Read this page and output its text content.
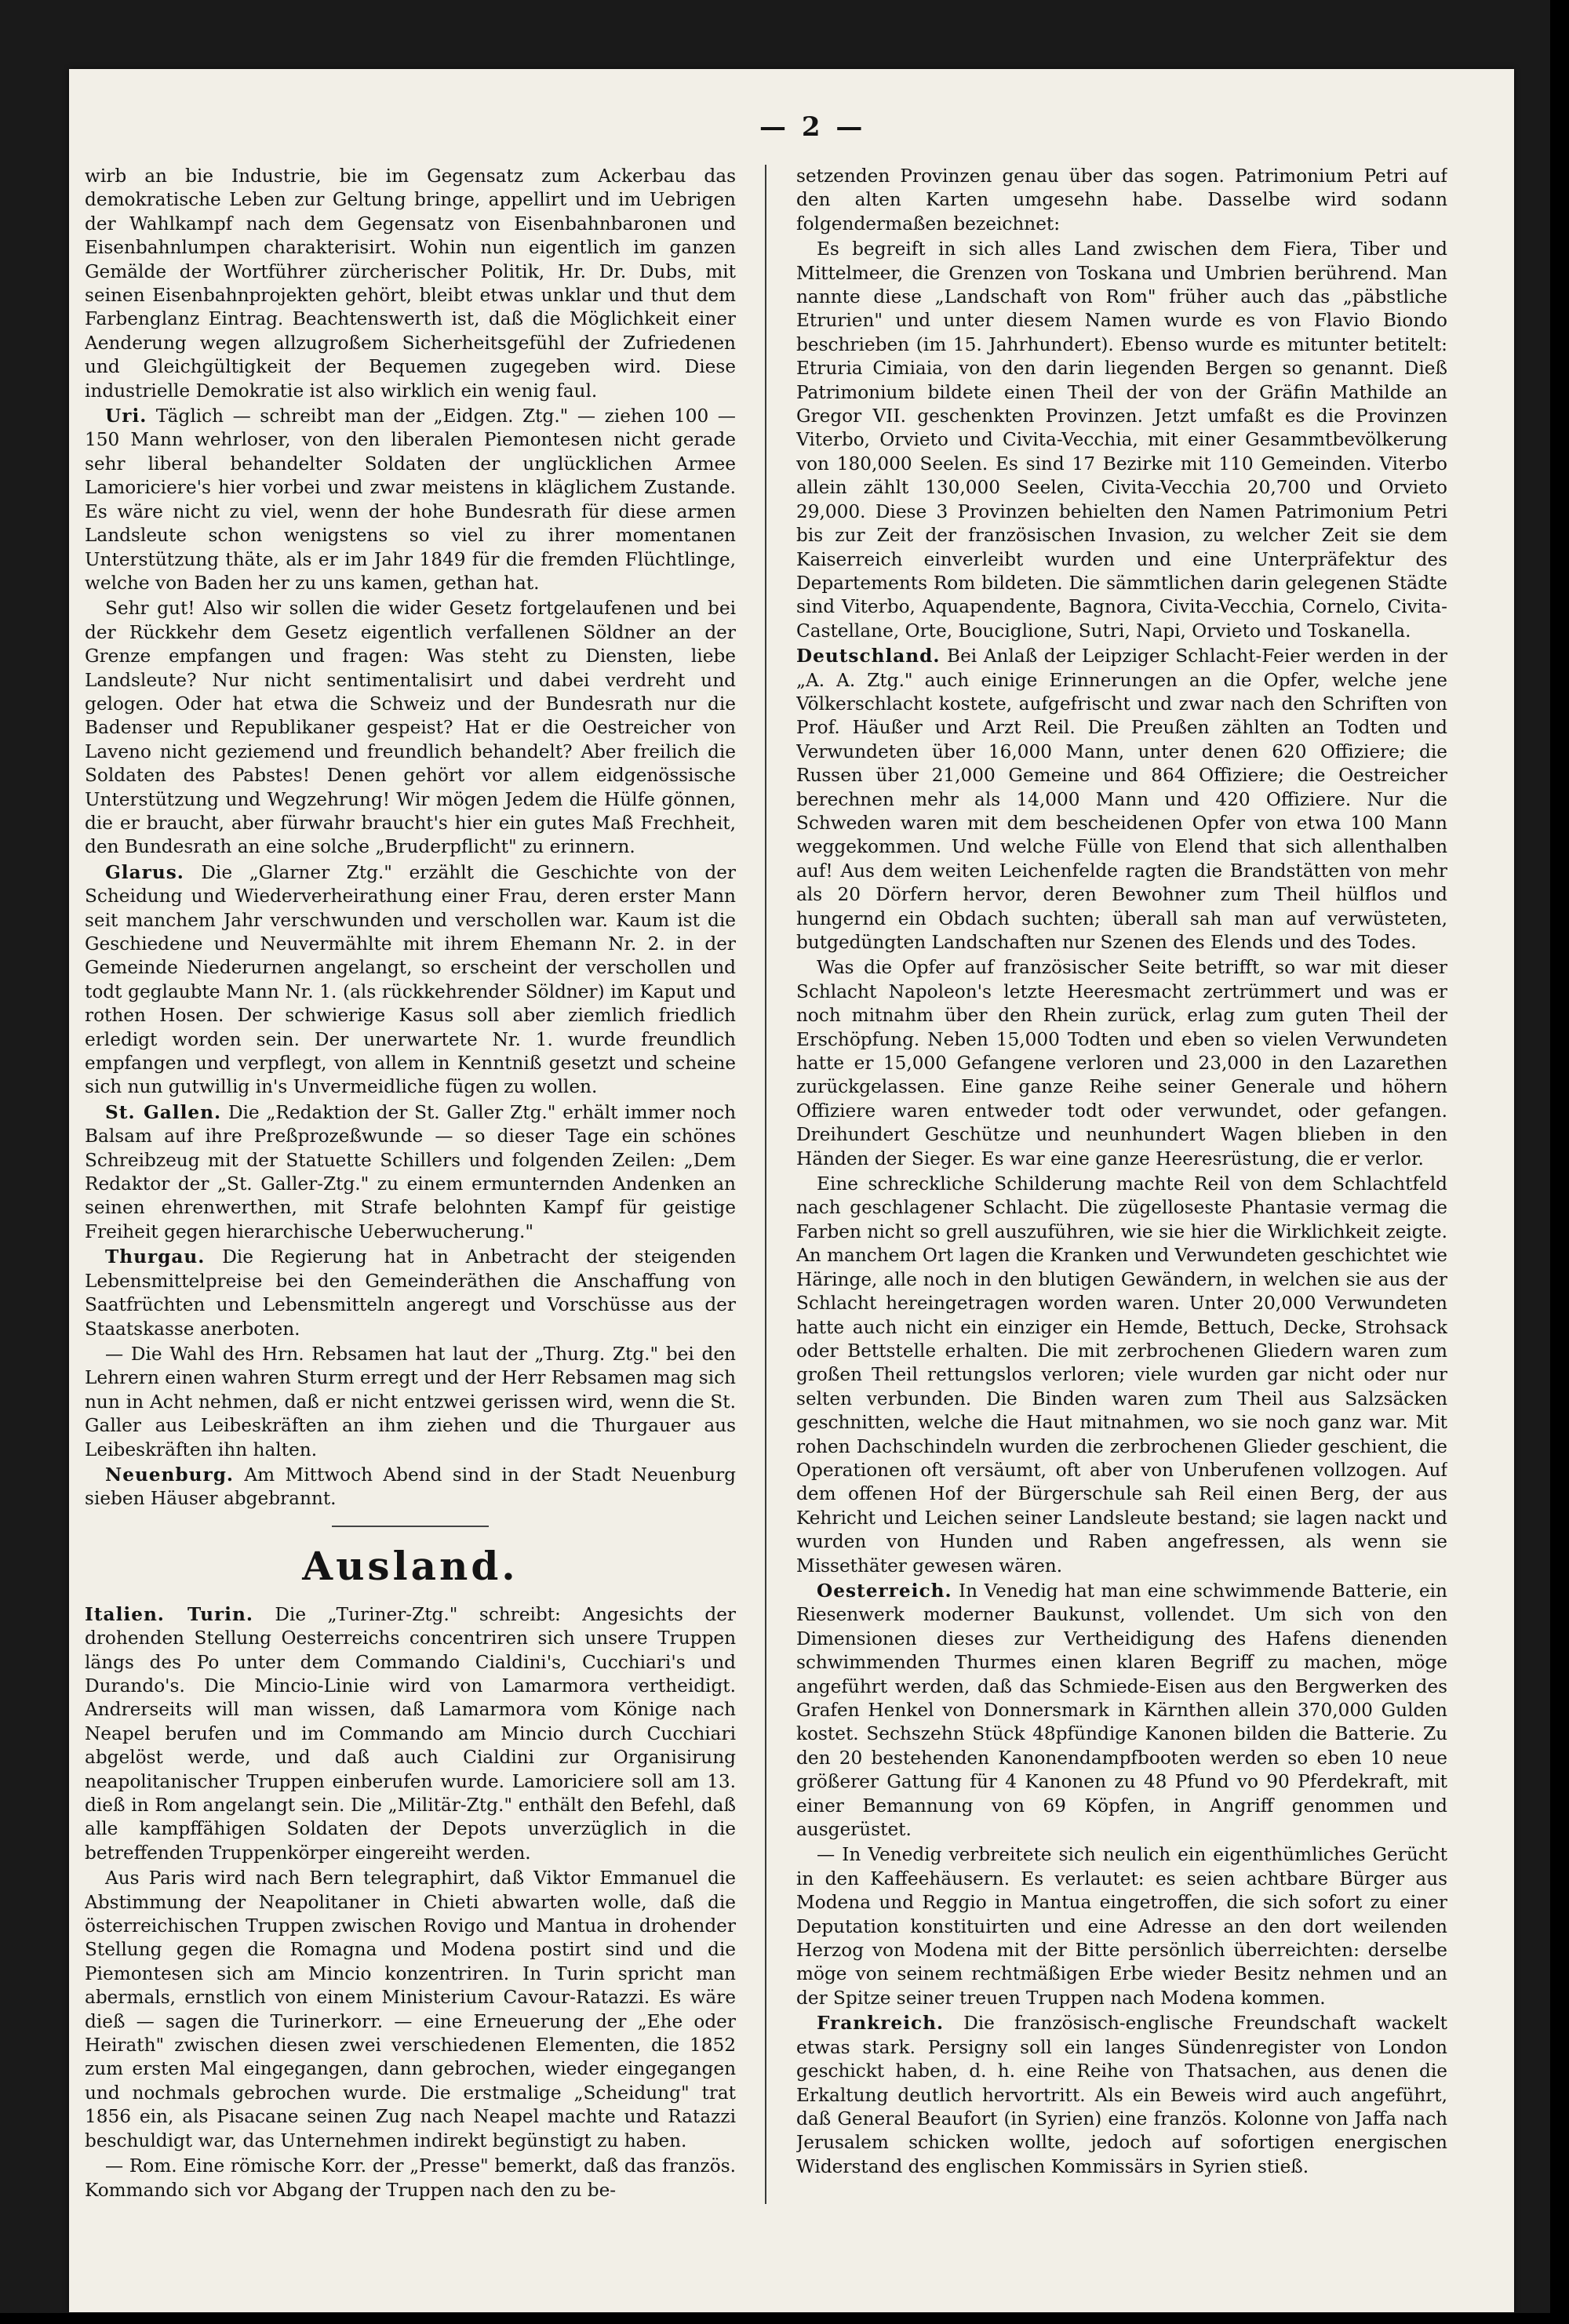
— 2 —

wirb an bie Industrie, bie im Gegensatz zum Ackerbau das demokratische Leben zur Geltung bringe, appellirt und im Uebrigen der Wahlkampf nach dem Gegensatz von Eisenbahnbaronen und Eisenbahnlumpen charakterisirt. Wohin nun eigentlich im ganzen Gemälde der Wortführer zürcherischer Politik, Hr. Dr. Dubs, mit seinen Eisenbahnprojekten gehört, bleibt etwas unklar und thut dem Farbenglanz Eintrag. Beachtenswerth ist, daß die Möglichkeit einer Aenderung wegen allzugroßem Sicherheitsgefühl der Zufriedenen und Gleichgültigkeit der Bequemen zugegeben wird. Diese industrielle Demokratie ist also wirklich ein wenig faul.

Uri. Täglich — schreibt man der „Eidgen. Ztg." — ziehen 100 — 150 Mann wehrloser, von den liberalen Piemontesen nicht gerade sehr liberal behandelter Soldaten der unglücklichen Armee Lamoriciere's hier vorbei und zwar meistens in kläglichem Zustande. Es wäre nicht zu viel, wenn der hohe Bundesrath für diese armen Landsleute schon wenigstens so viel zu ihrer momentanen Unterstützung thäte, als er im Jahr 1849 für die fremden Flüchtlinge, welche von Baden her zu uns kamen, gethan hat.

Sehr gut! Also wir sollen die wider Gesetz fortgelaufenen und bei der Rückkehr dem Gesetz eigentlich verfallenen Söldner an der Grenze empfangen und fragen: Was steht zu Diensten, liebe Landsleute? Nur nicht sentimentalisirt und dabei verdreht und gelogen. Oder hat etwa die Schweiz und der Bundesrath nur die Badenser und Republikaner gespeist? Hat er die Oestreicher von Laveno nicht geziemend und freundlich behandelt? Aber freilich die Soldaten des Pabstes! Denen gehört vor allem eidgenössische Unterstützung und Wegzehrung! Wir mögen Jedem die Hülfe gönnen, die er braucht, aber fürwahr braucht's hier ein gutes Maß Frechheit, den Bundesrath an eine solche „Bruderpflicht" zu erinnern.

Glarus. Die „Glarner Ztg." erzählt die Geschichte von der Scheidung und Wiederverheirathung einer Frau, deren erster Mann seit manchem Jahr verschwunden und verschollen war. Kaum ist die Geschiedene und Neuvermählte mit ihrem Ehemann Nr. 2. in der Gemeinde Niederurnen angelangt, so erscheint der verschollen und todt geglaubte Mann Nr. 1. (als rückkehrender Söldner) im Kaput und rothen Hosen. Der schwierige Kasus soll aber ziemlich friedlich erledigt worden sein. Der unerwartete Nr. 1. wurde freundlich empfangen und verpflegt, von allem in Kenntniß gesetzt und scheine sich nun gutwillig in's Unvermeidliche fügen zu wollen.

St. Gallen. Die „Redaktion der St. Galler Ztg." erhält immer noch Balsam auf ihre Preßprozeßwunde — so dieser Tage ein schönes Schreibzeug mit der Statuette Schillers und folgenden Zeilen: „Dem Redaktor der „St. Galler-Ztg." zu einem ermunternden Andenken an seinen ehrenwerthen, mit Strafe belohnten Kampf für geistige Freiheit gegen hierarchische Ueberwucherung."

Thurgau. Die Regierung hat in Anbetracht der steigenden Lebensmittelpreise bei den Gemeinderäthen die Anschaffung von Saatfrüchten und Lebensmitteln angeregt und Vorschüsse aus der Staatskasse anerboten.

— Die Wahl des Hrn. Rebsamen hat laut der „Thurg. Ztg." bei den Lehrern einen wahren Sturm erregt und der Herr Rebsamen mag sich nun in Acht nehmen, daß er nicht entzwei gerissen wird, wenn die St. Galler aus Leibeskräften an ihm ziehen und die Thurgauer aus Leibeskräften ihn halten.

Neuenburg. Am Mittwoch Abend sind in der Stadt Neuenburg sieben Häuser abgebrannt.

Ausland.

Italien. Turin. Die „Turiner-Ztg." schreibt: Angesichts der drohenden Stellung Oesterreichs concentriren sich unsere Truppen längs des Po unter dem Commando Cialdini's, Cucchiari's und Durando's. Die Mincio-Linie wird von Lamarmora vertheidigt. Andrerseits will man wissen, daß Lamarmora vom Könige nach Neapel berufen und im Commando am Mincio durch Cucchiari abgelöst werde, und daß auch Cialdini zur Organisirung neapolitanischer Truppen einberufen wurde. Lamoriciere soll am 13. dieß in Rom angelangt sein. Die „Militär-Ztg." enthält den Befehl, daß alle kampffähigen Soldaten der Depots unverzüglich in die betreffenden Truppenkörper eingereiht werden.

Aus Paris wird nach Bern telegraphirt, daß Viktor Emmanuel die Abstimmung der Neapolitaner in Chieti abwarten wolle, daß die österreichischen Truppen zwischen Rovigo und Mantua in drohender Stellung gegen die Romagna und Modena postirt sind und die Piemontesen sich am Mincio konzentriren. In Turin spricht man abermals, ernstlich von einem Ministerium Cavour-Ratazzi. Es wäre dieß — sagen die Turinerkorr. — eine Erneuerung der „Ehe oder Heirath" zwischen diesen zwei verschiedenen Elementen, die 1852 zum ersten Mal eingegangen, dann gebrochen, wieder eingegangen und nochmals gebrochen wurde. Die erstmalige „Scheidung" trat 1856 ein, als Pisacane seinen Zug nach Neapel machte und Ratazzi beschuldigt war, das Unternehmen indirekt begünstigt zu haben.

— Rom. Eine römische Korr. der „Presse" bemerkt, daß das französ. Kommando sich vor Abgang der Truppen nach den zu be-

setzenden Provinzen genau über das sogen. Patrimonium Petri auf den alten Karten umgesehn habe. Dasselbe wird sodann folgendermaßen bezeichnet:

Es begreift in sich alles Land zwischen dem Fiera, Tiber und Mittelmeer, die Grenzen von Toskana und Umbrien berührend. Man nannte diese „Landschaft von Rom" früher auch das „päbstliche Etrurien" und unter diesem Namen wurde es von Flavio Biondo beschrieben (im 15. Jahrhundert). Ebenso wurde es mitunter betitelt: Etruria Cimiaia, von den darin liegenden Bergen so genannt. Dieß Patrimonium bildete einen Theil der von der Gräfin Mathilde an Gregor VII. geschenkten Provinzen. Jetzt umfaßt es die Provinzen Viterbo, Orvieto und Civita-Vecchia, mit einer Gesammtbevölkerung von 180,000 Seelen. Es sind 17 Bezirke mit 110 Gemeinden. Viterbo allein zählt 130,000 Seelen, Civita-Vecchia 20,700 und Orvieto 29,000. Diese 3 Provinzen behielten den Namen Patrimonium Petri bis zur Zeit der französischen Invasion, zu welcher Zeit sie dem Kaiserreich einverleibt wurden und eine Unterpräfektur des Departements Rom bildeten. Die sämmtlichen darin gelegenen Städte sind Viterbo, Aquapendente, Bagnora, Civita-Vecchia, Cornelo, Civita-Castellane, Orte, Bouciglione, Sutri, Napi, Orvieto und Toskanella.

Deutschland. Bei Anlaß der Leipziger Schlacht-Feier werden in der „A. A. Ztg." auch einige Erinnerungen an die Opfer, welche jene Völkerschlacht kostete, aufgefrischt und zwar nach den Schriften von Prof. Häußer und Arzt Reil. Die Preußen zählten an Todten und Verwundeten über 16,000 Mann, unter denen 620 Offiziere; die Russen über 21,000 Gemeine und 864 Offiziere; die Oestreicher berechnen mehr als 14,000 Mann und 420 Offiziere. Nur die Schweden waren mit dem bescheidenen Opfer von etwa 100 Mann weggekommen. Und welche Fülle von Elend that sich allenthalben auf! Aus dem weiten Leichenfelde ragten die Brandstätten von mehr als 20 Dörfern hervor, deren Bewohner zum Theil hülflos und hungernd ein Obdach suchten; überall sah man auf verwüsteten, butgedüngten Landschaften nur Szenen des Elends und des Todes.

Was die Opfer auf französischer Seite betrifft, so war mit dieser Schlacht Napoleon's letzte Heeresmacht zertrümmert und was er noch mitnahm über den Rhein zurück, erlag zum guten Theil der Erschöpfung. Neben 15,000 Todten und eben so vielen Verwundeten hatte er 15,000 Gefangene verloren und 23,000 in den Lazarethen zurückgelassen. Eine ganze Reihe seiner Generale und höhern Offiziere waren entweder todt oder verwundet, oder gefangen. Dreihundert Geschütze und neunhundert Wagen blieben in den Händen der Sieger. Es war eine ganze Heeresrüstung, die er verlor.

Eine schreckliche Schilderung machte Reil von dem Schlachtfeld nach geschlagener Schlacht. Die zügelloseste Phantasie vermag die Farben nicht so grell auszuführen, wie sie hier die Wirklichkeit zeigte. An manchem Ort lagen die Kranken und Verwundeten geschichtet wie Häringe, alle noch in den blutigen Gewändern, in welchen sie aus der Schlacht hereingetragen worden waren. Unter 20,000 Verwundeten hatte auch nicht ein einziger ein Hemde, Bettuch, Decke, Strohsack oder Bettstelle erhalten. Die mit zerbrochenen Gliedern waren zum großen Theil rettungslos verloren; viele wurden gar nicht oder nur selten verbunden. Die Binden waren zum Theil aus Salzsäcken geschnitten, welche die Haut mitnahmen, wo sie noch ganz war. Mit rohen Dachschindeln wurden die zerbrochenen Glieder geschient, die Operationen oft versäumt, oft aber von Unberufenen vollzogen. Auf dem offenen Hof der Bürgerschule sah Reil einen Berg, der aus Kehricht und Leichen seiner Landsleute bestand; sie lagen nackt und wurden von Hunden und Raben angefressen, als wenn sie Missethäter gewesen wären.

Oesterreich. In Venedig hat man eine schwimmende Batterie, ein Riesenwerk moderner Baukunst, vollendet. Um sich von den Dimensionen dieses zur Vertheidigung des Hafens dienenden schwimmenden Thurmes einen klaren Begriff zu machen, möge angeführt werden, daß das Schmiede-Eisen aus den Bergwerken des Grafen Henkel von Donnersmark in Kärnthen allein 370,000 Gulden kostet. Sechszehn Stück 48pfündige Kanonen bilden die Batterie. Zu den 20 bestehenden Kanonendampfbooten werden so eben 10 neue größerer Gattung für 4 Kanonen zu 48 Pfund vo 90 Pferdekraft, mit einer Bemannung von 69 Köpfen, in Angriff genommen und ausgerüstet.

— In Venedig verbreitete sich neulich ein eigenthümliches Gerücht in den Kaffeehäusern. Es verlautet: es seien achtbare Bürger aus Modena und Reggio in Mantua eingetroffen, die sich sofort zu einer Deputation konstituirten und eine Adresse an den dort weilenden Herzog von Modena mit der Bitte persönlich überreichten: derselbe möge von seinem rechtmäßigen Erbe wieder Besitz nehmen und an der Spitze seiner treuen Truppen nach Modena kommen.

Frankreich. Die französisch-englische Freundschaft wackelt etwas stark. Persigny soll ein langes Sündenregister von London geschickt haben, d. h. eine Reihe von Thatsachen, aus denen die Erkaltung deutlich hervortritt. Als ein Beweis wird auch angeführt, daß General Beaufort (in Syrien) eine französ. Kolonne von Jaffa nach Jerusalem schicken wollte, jedoch auf sofortigen energischen Widerstand des englischen Kommissärs in Syrien stieß.
